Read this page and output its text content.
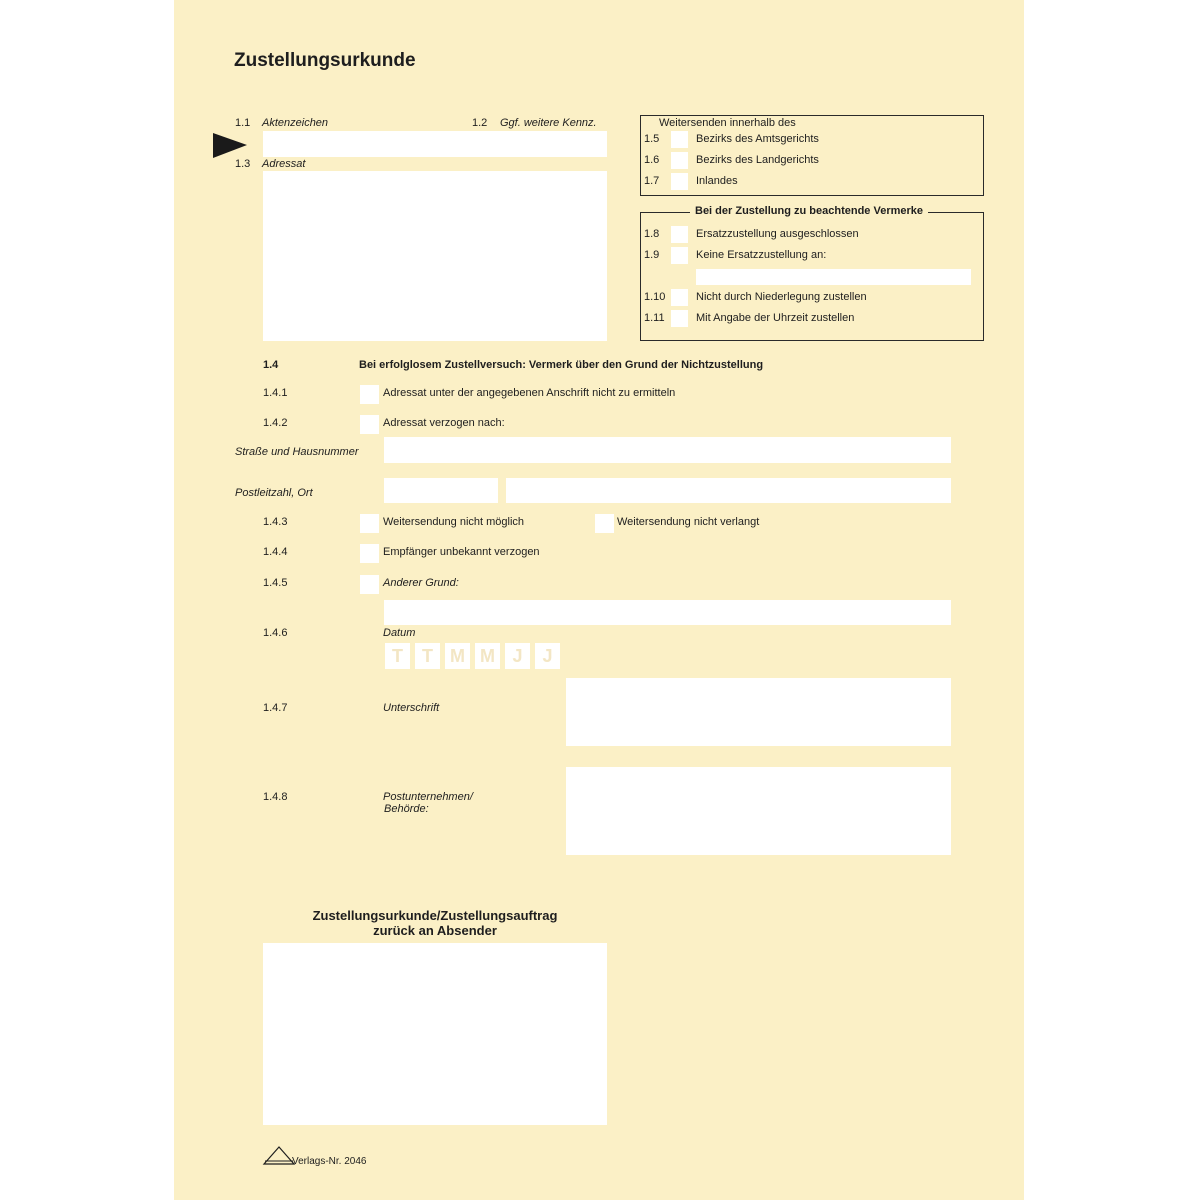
Zustellungsurkunde
1.1 Aktenzeichen	1.2 Ggf. weitere Kennz.
1.3 Adressat
Weitersenden innerhalb des
1.5	Bezirks des Amtsgerichts
1.6	Bezirks des Landgerichts
1.7	Inlandes
Bei der Zustellung zu beachtende Vermerke
1.8	Ersatzzustellung ausgeschlossen
1.9	Keine Ersatzzustellung an:
1.10	Nicht durch Niederlegung zustellen
1.11	Mit Angabe der Uhrzeit zustellen
1.4	Bei erfolglosem Zustellversuch: Vermerk über den Grund der Nichtzustellung
1.4.1	Adressat unter der angegebenen Anschrift nicht zu ermitteln
1.4.2	Adressat verzogen nach:
Straße und Hausnummer
Postleitzahl, Ort
1.4.3	Weitersendung nicht möglich	Weitersendung nicht verlangt
1.4.4	Empfänger unbekannt verzogen
1.4.5	Anderer Grund:
1.4.6	Datum
T	T M M J	J
1.4.7	Unterschrift
1.4.8	Postunternehmen/
Behörde:
Zustellungsurkunde/Zustellungsauftrag
zurück an Absender
Verlags-Nr. 2046
